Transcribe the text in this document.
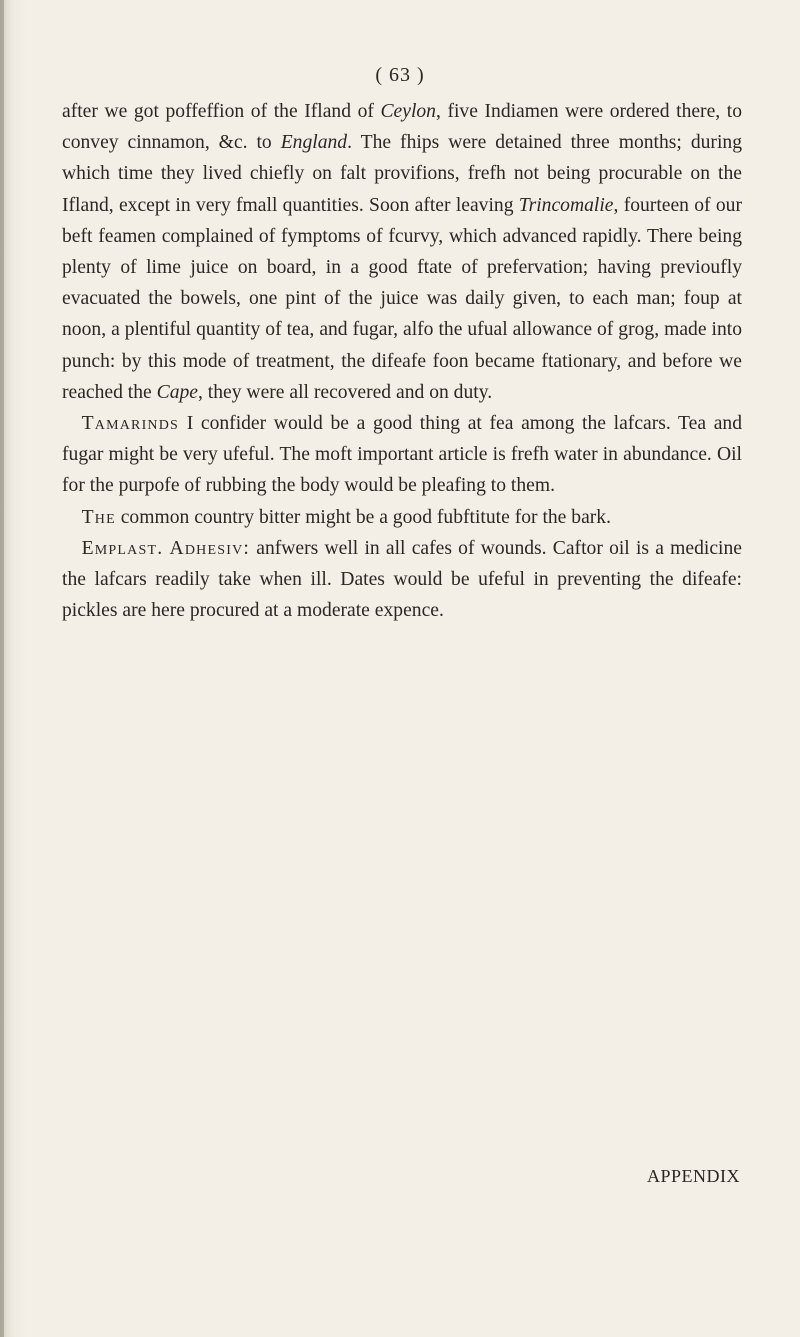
( 63 )

after we got poffeffion of the Ifland of Ceylon, five Indiamen were ordered there, to convey cinnamon, &c. to England. The fhips were detained three months; during which time they lived chiefly on falt provifions, frefh not being procurable on the Ifland, except in very fmall quantities. Soon after leaving Trincomalie, fourteen of our beft feamen complained of fymptoms of fcurvy, which advanced rapidly. There being plenty of lime juice on board, in a good ftate of prefervation; having previoufly evacuated the bowels, one pint of the juice was daily given, to each man; foup at noon, a plentiful quantity of tea, and fugar, alfo the ufual allowance of grog, made into punch: by this mode of treatment, the difeafe foon became ftationary, and before we reached the Cape, they were all recovered and on duty.

 Tamarinds I confider would be a good thing at fea among the lafcars. Tea and fugar might be very ufeful. The moft important article is frefh water in abundance. Oil for the purpofe of rubbing the body would be pleafing to them.

 The common country bitter might be a good fubftitute for the bark.

 Emplast. Adhesiv: anfwers well in all cafes of wounds. Caftor oil is a medicine the lafcars readily take when ill. Dates would be ufeful in preventing the difeafe: pickles are here procured at a moderate expence.

APPENDIX
